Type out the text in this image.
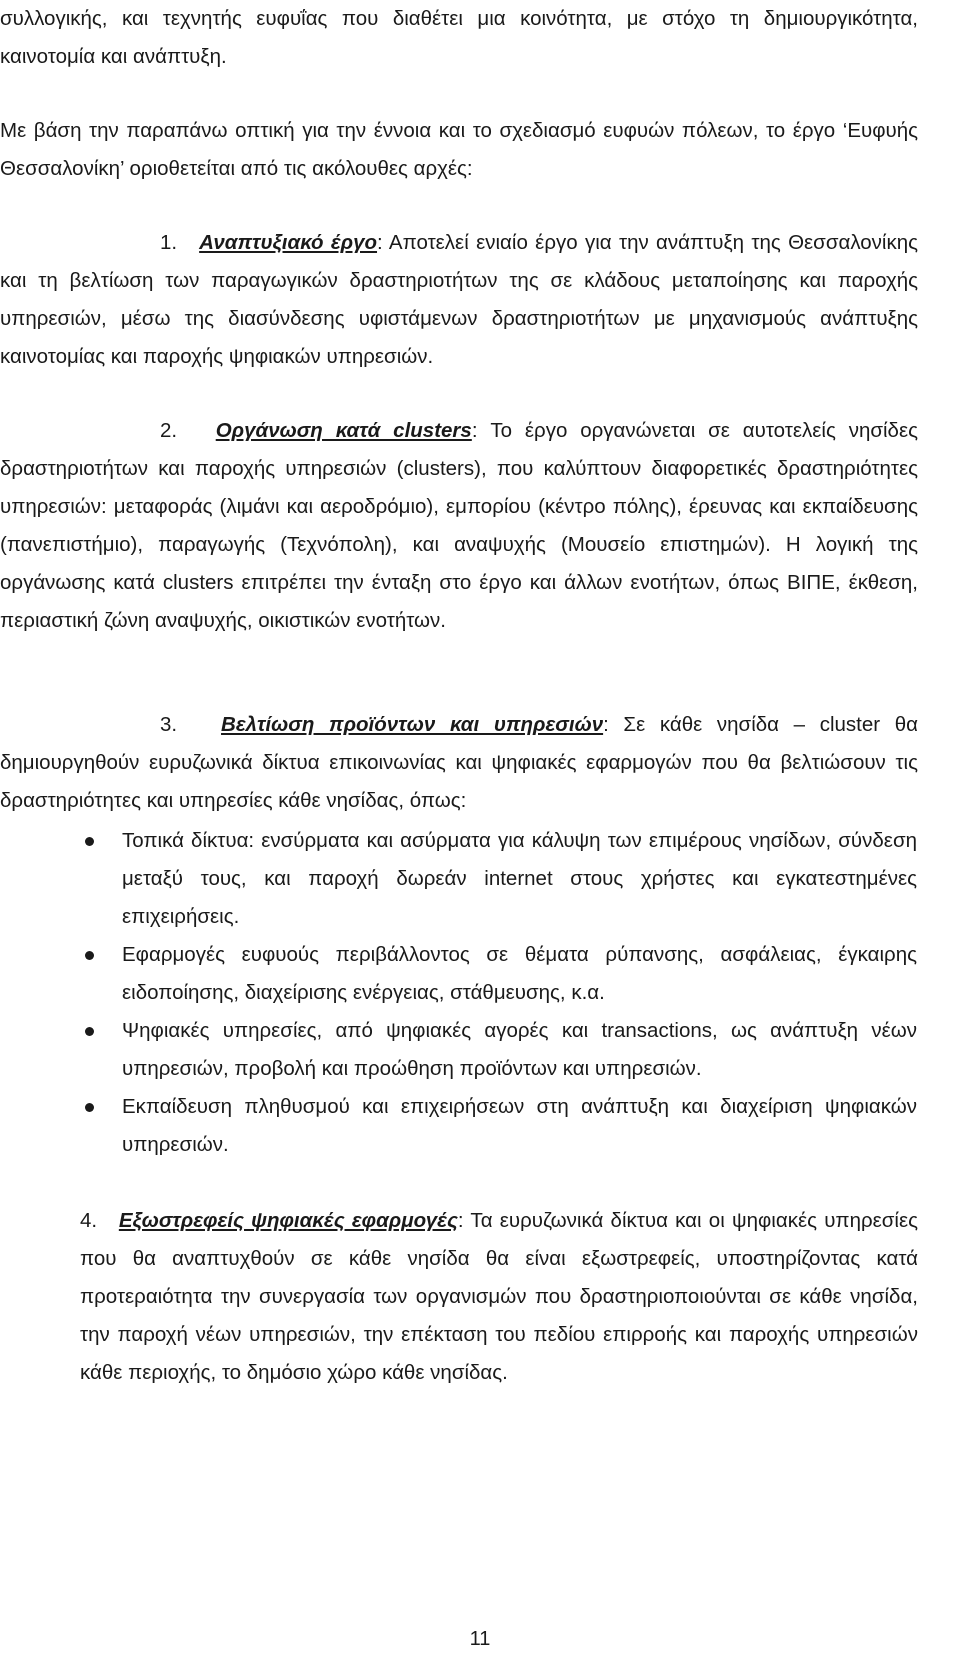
συλλογικής, και τεχνητής ευφυΐας που διαθέτει μια κοινότητα, με στόχο τη δημιουργικότητα, καινοτομία και ανάπτυξη.

Με βάση την παραπάνω οπτική για την έννοια και το σχεδιασμό ευφυών πόλεων, το έργο ‘Ευφυής Θεσσαλονίκη’ οριοθετείται από τις ακόλουθες αρχές:

1. Αναπτυξιακό έργο: Αποτελεί ενιαίο έργο για την ανάπτυξη της Θεσσαλονίκης και τη βελτίωση των παραγωγικών δραστηριοτήτων της σε κλάδους μεταποίησης και παροχής υπηρεσιών, μέσω της διασύνδεσης υφιστάμενων δραστηριοτήτων με μηχανισμούς ανάπτυξης καινοτομίας και παροχής ψηφιακών υπηρεσιών.

2. Οργάνωση κατά clusters: Το έργο οργανώνεται σε αυτοτελείς νησίδες δραστηριοτήτων και παροχής υπηρεσιών (clusters), που καλύπτουν διαφορετικές δραστηριότητες υπηρεσιών: μεταφοράς (λιμάνι και αεροδρόμιο), εμπορίου (κέντρο πόλης), έρευνας και εκπαίδευσης (πανεπιστήμιο), παραγωγής (Τεχνόπολη), και αναψυχής (Μουσείο επιστημών). Η λογική της οργάνωσης κατά clusters επιτρέπει την ένταξη στο έργο και άλλων ενοτήτων, όπως ΒΙΠΕ, έκθεση, περιαστική ζώνη αναψυχής, οικιστικών ενοτήτων.

3. Βελτίωση προϊόντων και υπηρεσιών: Σε κάθε νησίδα – cluster θα δημιουργηθούν ευρυζωνικά δίκτυα επικοινωνίας και ψηφιακές εφαρμογών που θα βελτιώσουν τις δραστηριότητες και υπηρεσίες κάθε νησίδας, όπως:

Τοπικά δίκτυα: ενσύρματα και ασύρματα για κάλυψη των επιμέρους νησίδων, σύνδεση μεταξύ τους, και παροχή δωρεάν internet στους χρήστες και εγκατεστημένες επιχειρήσεις.

Εφαρμογές ευφυούς περιβάλλοντος σε θέματα ρύπανσης, ασφάλειας, έγκαιρης ειδοποίησης, διαχείρισης ενέργειας, στάθμευσης, κ.α.

Ψηφιακές υπηρεσίες, από ψηφιακές αγορές και transactions, ως ανάπτυξη νέων υπηρεσιών, προβολή και προώθηση προϊόντων και υπηρεσιών.

Εκπαίδευση πληθυσμού και επιχειρήσεων στη ανάπτυξη και διαχείριση ψηφιακών υπηρεσιών.

4. Εξωστρεφείς ψηφιακές εφαρμογές: Τα ευρυζωνικά δίκτυα και οι ψηφιακές υπηρεσίες που θα αναπτυχθούν σε κάθε νησίδα θα είναι εξωστρεφείς, υποστηρίζοντας κατά προτεραιότητα την συνεργασία των οργανισμών που δραστηριοποιούνται σε κάθε νησίδα, την παροχή νέων υπηρεσιών, την επέκταση του πεδίου επιρροής και παροχής υπηρεσιών κάθε περιοχής, το δημόσιο χώρο κάθε νησίδας.

11
